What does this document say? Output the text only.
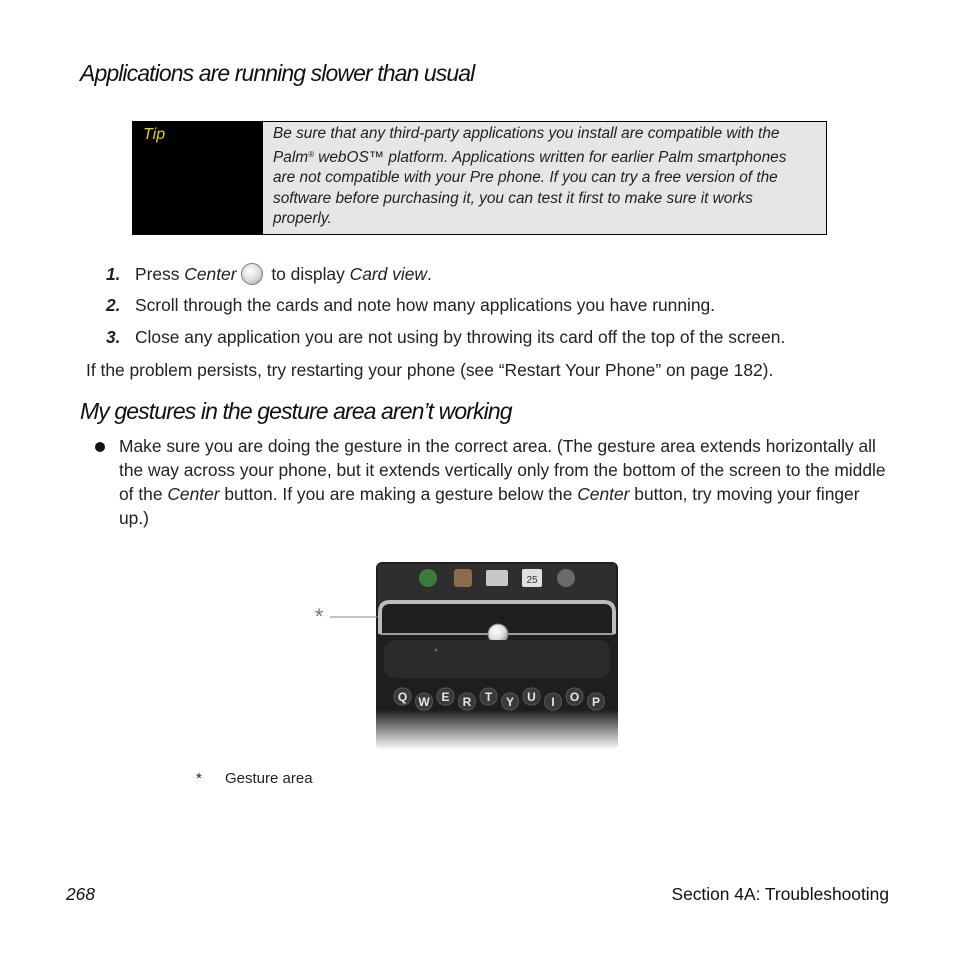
Applications are running slower than usual
Tip	Be sure that any third-party applications you install are compatible with the
Palm® webOS™ platform. Applications written for earlier Palm smartphones
are not compatible with your Pre phone. If you can try a free version of the
software before purchasing it, you can test it first to make sure it works
properly.
1. Press Center to display Card view.
2. Scroll through the cards and note how many applications you have running.
3. Close any application you are not using by throwing its card off the top of the screen.
If the problem persists, try restarting your phone (see “Restart Your Phone” on page 182).
My gestures in the gesture area aren’t working
Make sure you are doing the gesture in the correct area. (The gesture area extends horizontally all the way across your phone, but it extends vertically only from the bottom of the screen to the middle of the Center button. If you are making a gesture below the Center button, try moving your finger up.)
25
Q W E R T Y U I O P
*
* Gesture area
268	Section 4A: Troubleshooting
